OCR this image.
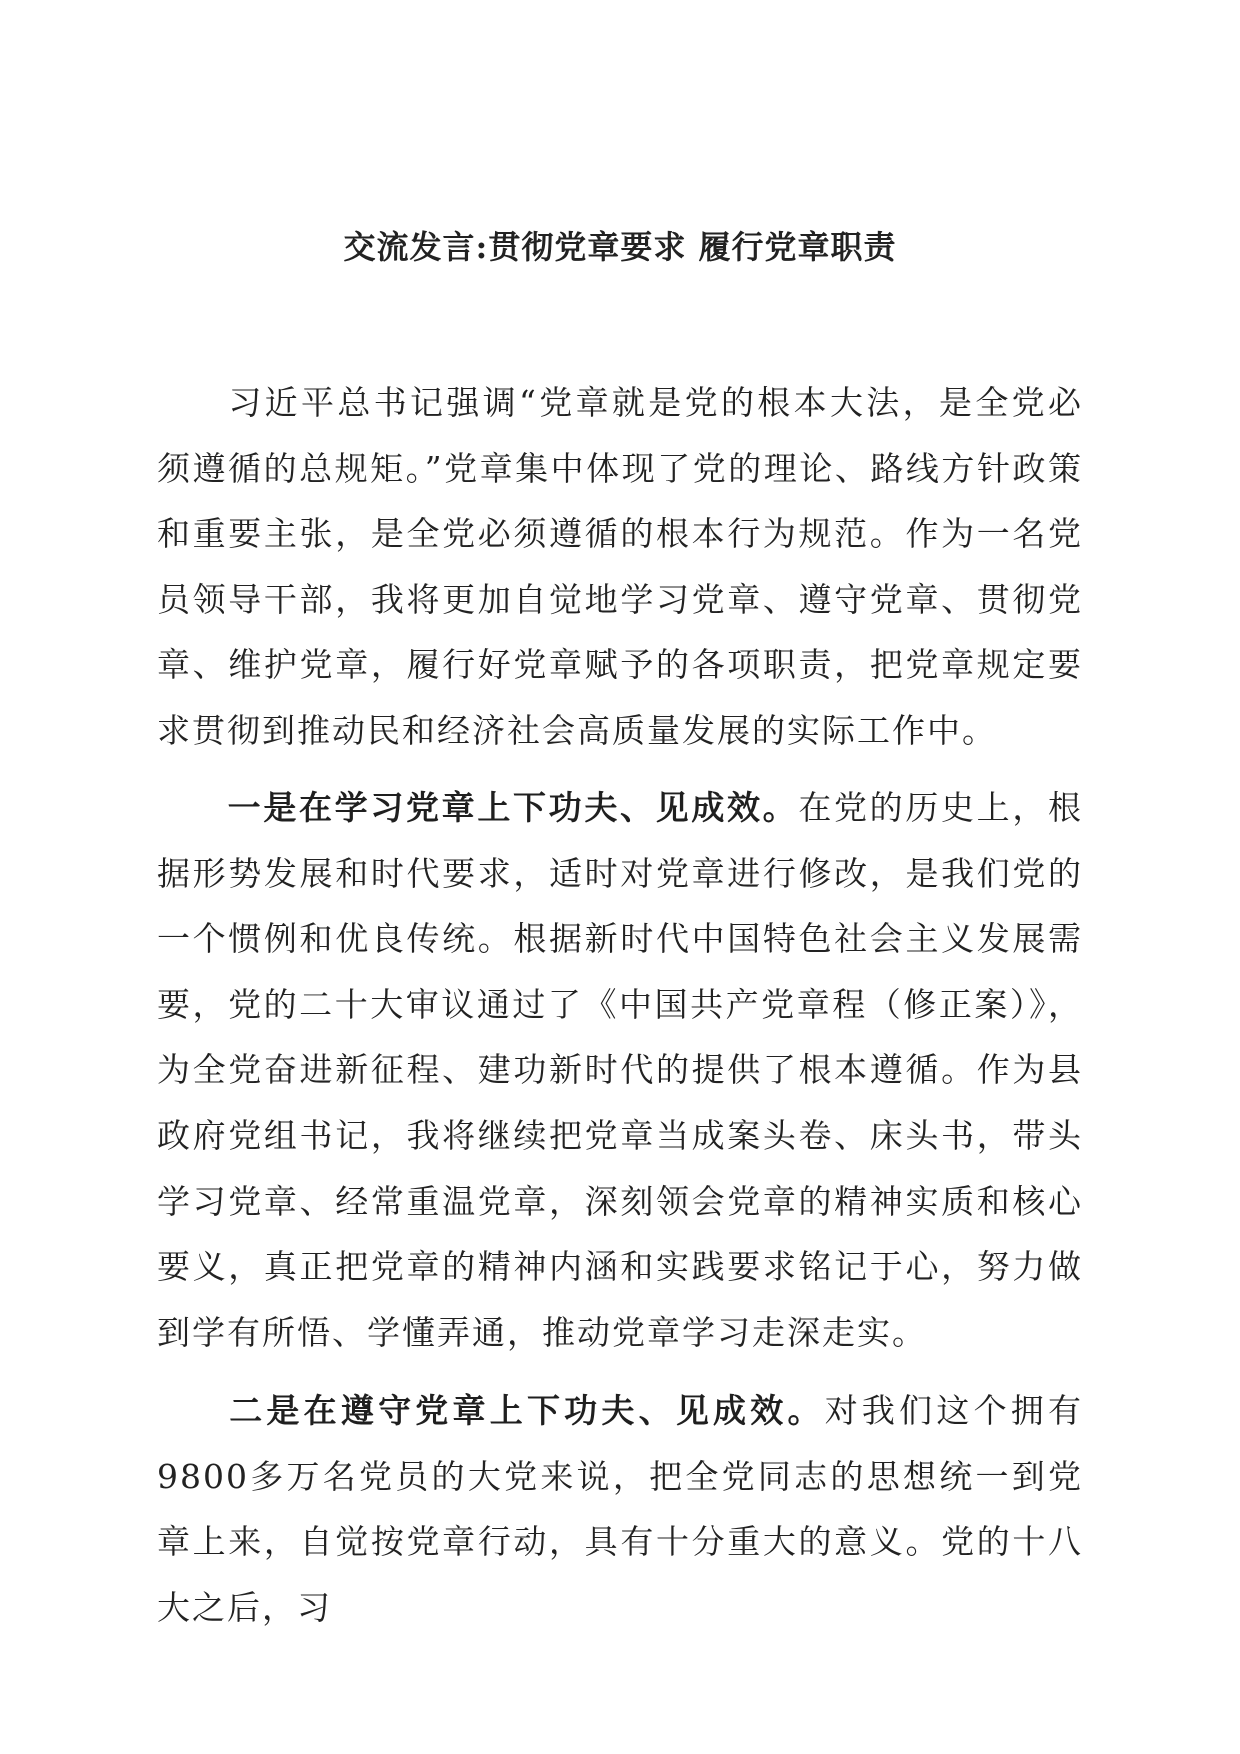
交流发言:贯彻党章要求 履行党章职责

习近平总书记强调“党章就是党的根本大法，是全党必须遵循的总规矩。”党章集中体现了党的理论、路线方针政策和重要主张，是全党必须遵循的根本行为规范。作为一名党员领导干部，我将更加自觉地学习党章、遵守党章、贯彻党章、维护党章，履行好党章赋予的各项职责，把党章规定要求贯彻到推动民和经济社会高质量发展的实际工作中。

一是在学习党章上下功夫、见成效。在党的历史上，根据形势发展和时代要求，适时对党章进行修改，是我们党的一个惯例和优良传统。根据新时代中国特色社会主义发展需要，党的二十大审议通过了《中国共产党章程（修正案）》，为全党奋进新征程、建功新时代的提供了根本遵循。作为县政府党组书记，我将继续把党章当成案头卷、床头书，带头学习党章、经常重温党章，深刻领会党章的精神实质和核心要义，真正把党章的精神内涵和实践要求铭记于心，努力做到学有所悟、学懂弄通，推动党章学习走深走实。

二是在遵守党章上下功夫、见成效。对我们这个拥有9800多万名党员的大党来说，把全党同志的思想统一到党章上来，自觉按党章行动，具有十分重大的意义。党的十八大之后，习
